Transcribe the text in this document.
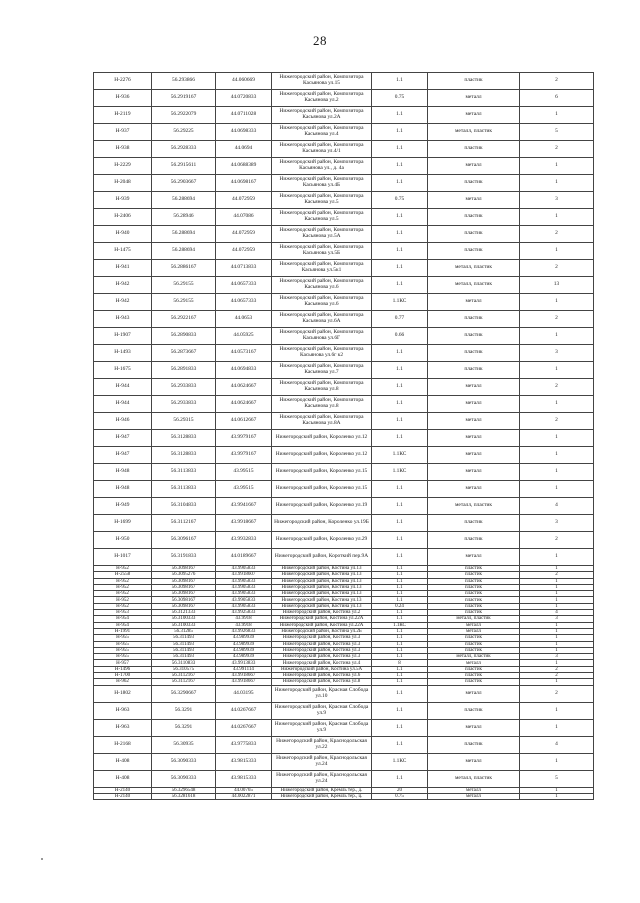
28
Н-2276	56.293866	44.060669	Нижегородский район, Композиторa Касьянова ул.15	1.1	пластик	2
Н-936	56.2919167	44.0720833	Нижегородский район, Композитора Касьянова ул.2	0.75	металл	6
Н-2119	56.2922079	44.0711028	Нижегородский район, Композитора Касьянова ул.2А	1.1	металл	1
Н-937	56.29225	44.0698333	Нижегородский район, Композитора Касьянова ул.4	1.1	металл, пластик	5
Н-938	56.2928333	44.0694	Нижегородский район, Композитора Касьянова ул.4/1	1.1	пластик	2
Н-2229	56.2915611	44.0688389	Нижегородский район, Композитора Касьянова ул., д. 4а	1.1	металл	1
Н-2048	56.2903667	44.0698167	Нижегородский район, Композитора Касьянова ул.4Б	1.1	пластик	1
Н-939	56.288694	44.072959	Нижегородский район, Композитора Касьянова ул.5	0.75	металл	3
Н-2406	56.28946	44.07086	Нижегородский район, Композитора Касьянова ул.5	1.1	пластик	1
Н-940	56.288694	44.072959	Нижегородский район, Композитора Касьянова ул.5А	1.1	пластик	2
Н-1475	56.288694	44.072959	Нижегородский район, Композитора Касьянова ул.5Б	1.1	пластик	1
Н-941	56.2886167	44.0713833	Нижегородский район, Композитора Касьянова ул.5к1	1.1	металл, пластик	2
Н-942	56.29155	44.0657333	Нижегородский район, Композитора Касьянова ул.6	1.1	металл, пластик	13
Н-942	56.29155	44.0657333	Нижегородский район, Композитора Касьянова ул.6	1.1КС	металл	1
Н-943	56.2922167	44.0653	Нижегородский район, Композитора Касьянова ул.6А	0.77	пластик	2
Н-1907	56.2890833	44.05925	Нижегородский район, Композитора Касьянова ул.6Г	0.66	пластик	1
Н-1493	56.2873667	44.0573167	Нижегородский район, Композитора Касьянова ул.6г к2	1.1	пластик	3
Н-1675	56.2891833	44.0694833	Нижегородский район, Композитора Касьянова ул.7	1.1	пластик	1
Н-944	56.2933833	44.0624667	Нижегородский район, Композитора Касьянова ул.8	1.1	металл	2
Н-944	56.2933833	44.0624667	Нижегородский район, Композитора Касьянова ул.8	1.1	металл	1
Н-946	56.29315	44.0612667	Нижегородский район, Композитора Касьянова ул.8А	1.1	металл	2
Н-947	56.3128833	43.9979167	Нижегородский район, Короленко ул.12	1.1	металл	1
Н-947	56.3128833	43.9979167	Нижегородский район, Короленко ул.12	1.1КС	металл	1
Н-948	56.3113833	43.99515	Нижегородский район, Короленко ул.15	1.1КС	металл	1
Н-948	56.3113833	43.99515	Нижегородский район, Короленко ул.15	1.1	металл	1
Н-949	56.3104833	43.9941667	Нижегородский район, Короленко ул.19	1.1	металл, пластик	4
Н-1699	56.3112167	43.9918667	Нижегородский район, Короленко ул.19Б	1.1	пластик	3
Н-950	56.3096167	43.9932833	Нижегородский район, Короленко ул.29	1.1	пластик	2
Н-1017	56.3191833	44.0189667	Нижегородский район, Короткий пер.9А	1.1	металл	1
Н-952	56.3098167	43.9905833	Нижегородский район, Костина ул.13	1.1	пластик	1
Н-2558	56.3095276	43.9918607	Нижегородский район, Костина ул.13	1.1	пластик	2
Н-952	56.3098167	43.9905833	Нижегородский район, Костина ул.13	1.1	пластик	1
Н-952	56.3098167	43.9905833	Нижегородский район, Костина ул.13	1.1	пластик	1
Н-952	56.3098167	43.9905833	Нижегородский район, Костина ул.13	1.1	пластик	1
Н-952	56.3098167	43.9905833	Нижегородский район, Костина ул.13	1.1	пластик	1
Н-952	56.3098167	43.9905833	Нижегородский район, Костина ул.13	0.24	пластик	1
Н-953	56.3121333	43.9925833	Нижегородский район, Костина ул.2	1.1	пластик	4
Н-954	56.3100333	43.9918	Нижегородский район, Костина ул.22А	1.1	металл, пластик	3
Н-954	56.3100333	43.9918	Нижегородский район, Костина ул.22А	1.1КС	металл	1
Н-1991	56.31285	43.9926833	Нижегородский район, Костина ул.2Б	1.1	металл	1
Н-955	56.311493	43.989939	Нижегородский район, Костина ул.3	1.1	пластик	1
Н-955	56.311493	43.989939	Нижегородский район, Костина ул.3	1.1	пластик	1
Н-955	56.311493	43.989939	Нижегородский район, Костина ул.3	1.1	пластик	1
Н-955	56.311493	43.989939	Нижегородский район, Костина ул.3	1.1	металл, пластик	3
Н-957	56.3110833	43.9913833	Нижегородский район, Костина ул.4	8	металл	1
Н-1496	56.310575	43.991114	Нижегородский район, Костина ул.5А	1.1	пластик	2
Н-1700	56.3112167	43.9918667	Нижегородский район, Костина ул.6	1.1	пластик	2
Н-962	56.3112167	43.9918667	Нижегородский район, Костина ул.8	1.1	пластик	1
Н-1802	56.3290667	44.03195	Нижегородский район, Красная Слобода ул.10	1.1	металл	2
Н-963	56.3291	44.0267667	Нижегородский район, Красная Слобода ул.9	1.1	пластик	1
Н-963	56.3291	44.0267667	Нижегородский район, Красная Слобода ул.9	1.1	металл	1
Н-2168	56.30935	43.9775833	Нижегородский район, Краснодольская ул.22	1.1	пластик	4
Н-408	56.3090333	43.9815333	Нижегородский район, Краснодольская ул.24	1.1КС	металл	1
Н-408	56.3090333	43.9815333	Нижегородский район, Краснодольская ул.24	1.1	металл, пластик	5
Н-2140	56.3296548	44.00765	Нижегородский район, Кремль тер., д.	20	металл	1
Н-2140	56.3281618	44.0022871	Нижегородский район, Кремль тер., ц.	0.75	металл	1
